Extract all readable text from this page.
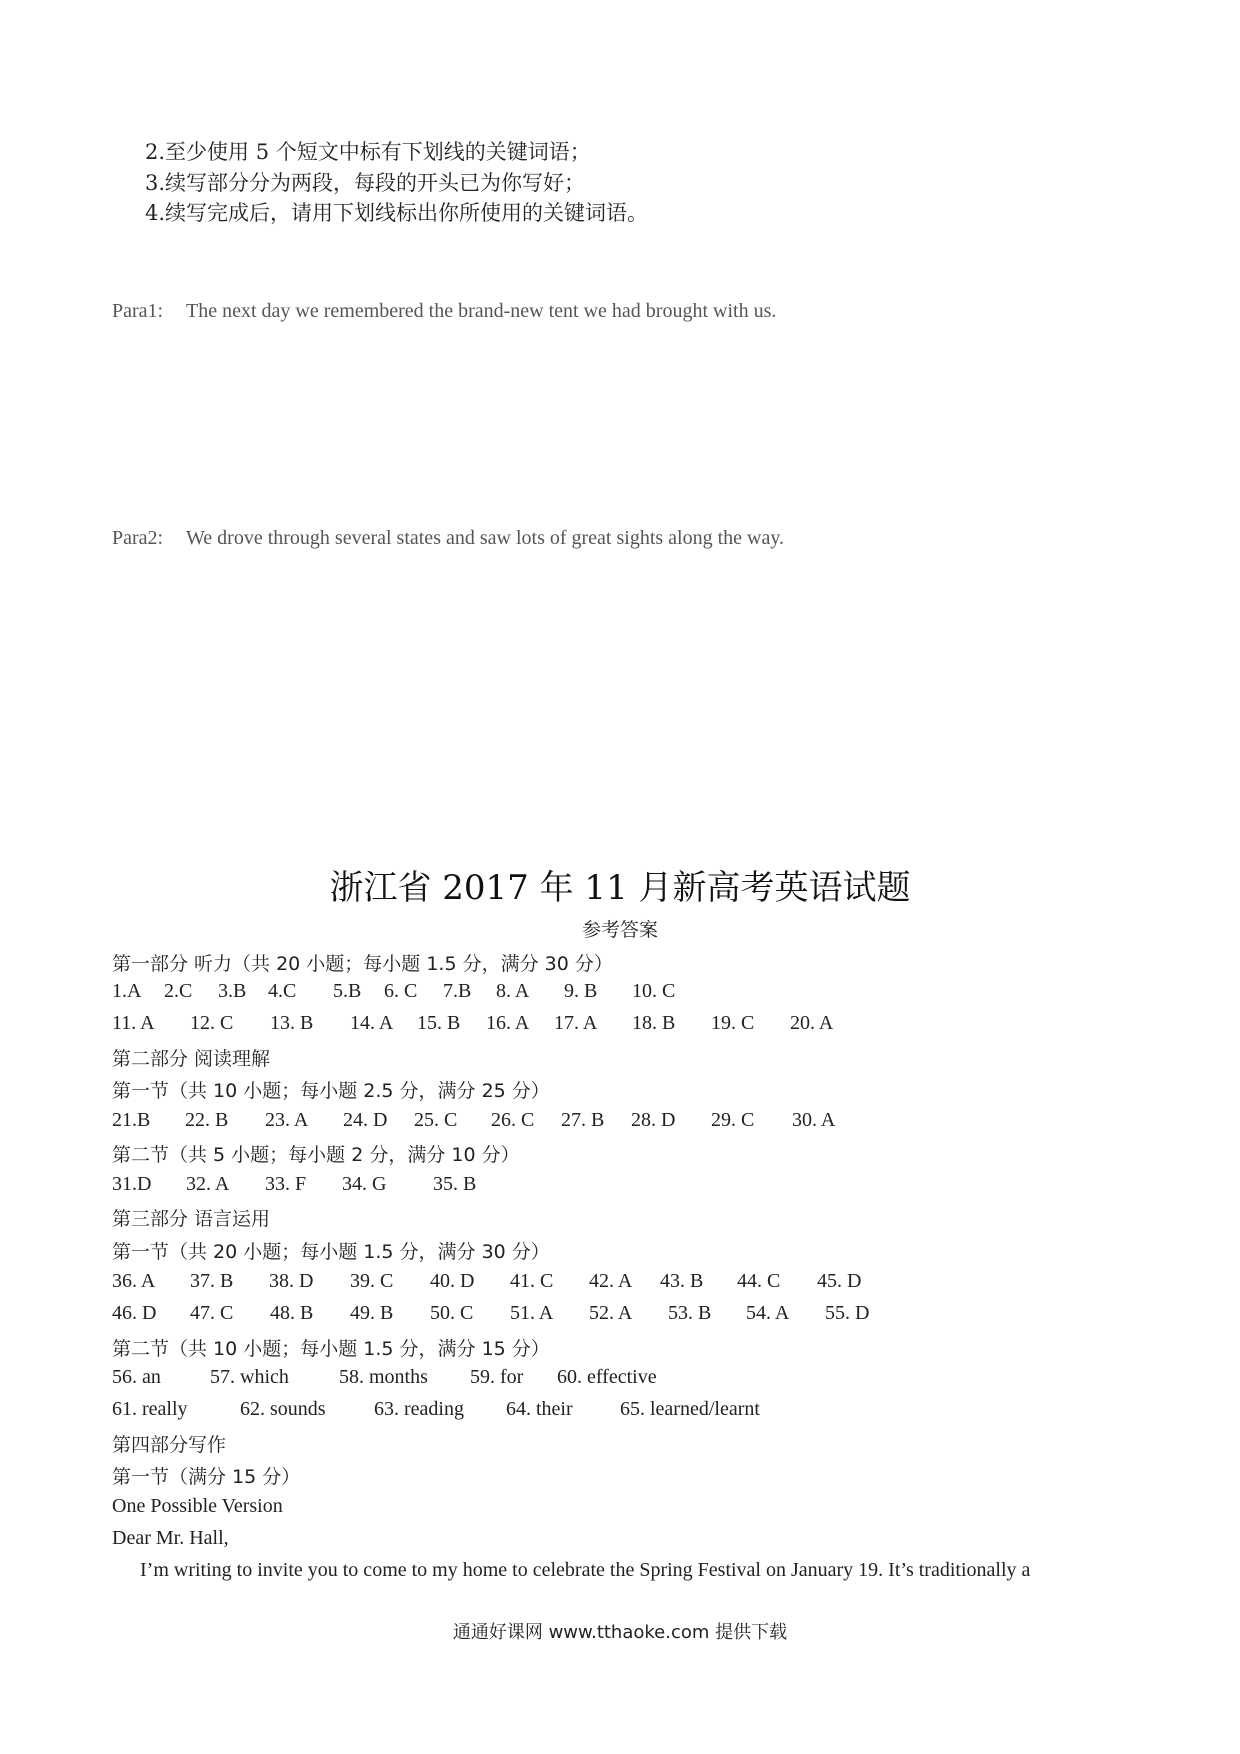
2.至少使用 5 个短文中标有下划线的关键词语；
3.续写部分分为两段，每段的开头已为你写好；
4.续写完成后，请用下划线标出你所使用的关键词语。
Para1: The next day we remembered the brand-new tent we had brought with us.
Para2: We drove through several states and saw lots of great sights along the way.
浙江省 2017 年 11 月新高考英语试题
参考答案
第一部分 听力（共 20 小题；每小题 1.5 分，满分 30 分）
1.A 2.C 3.B 4.C 5.B 6. C 7.B 8. A 9. B 10. C
11. A 12. C 13. B 14. A 15. B 16. A 17. A 18. B 19. C 20. A
第二部分 阅读理解
第一节（共 10 小题；每小题 2.5 分，满分 25 分）
21.B 22. B 23. A 24. D 25. C 26. C 27. B 28. D 29. C 30. A
第二节（共 5 小题；每小题 2 分，满分 10 分）
31.D 32. A 33. F 34. G 35. B
第三部分 语言运用
第一节（共 20 小题；每小题 1.5 分，满分 30 分）
36. A 37. B 38. D 39. C 40. D 41. C 42. A 43. B 44. C 45. D
46. D 47. C 48. B 49. B 50. C 51. A 52. A 53. B 54. A 55. D
第二节（共 10 小题；每小题 1.5 分，满分 15 分）
56. an 57. which	58. months 59. for 60. effective
61. really	62. sounds 63. reading 64. their 65. learned/learnt
第四部分写作
第一节（满分 15 分）
One Possible Version
Dear Mr. Hall,
I’m writing to invite you to come to my home to celebrate the Spring Festival on January 19. It’s traditionally a
通通好课网 www.tthaoke.com 提供下载
